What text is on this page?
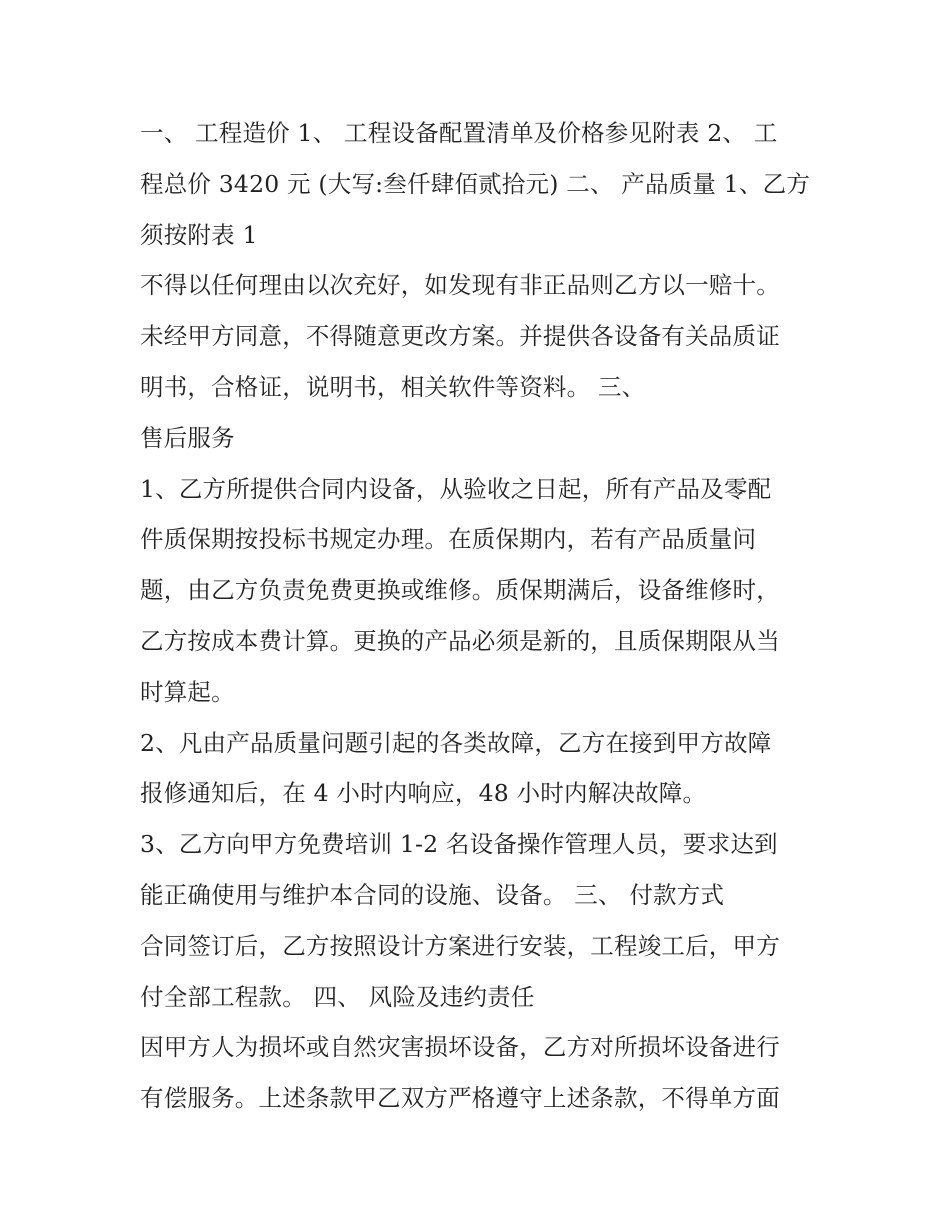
一、 工程造价 1、 工程设备配置清单及价格参见附表 2、 工
程总价 3420 元 (大写:叁仟肆佰贰拾元) 二、 产品质量 1、乙方
须按附表 1
不得以任何理由以次充好，如发现有非正品则乙方以一赔十。
未经甲方同意，不得随意更改方案。并提供各设备有关品质证
明书，合格证，说明书，相关软件等资料。 三、
售后服务
1、乙方所提供合同内设备，从验收之日起，所有产品及零配
件质保期按投标书规定办理。在质保期内，若有产品质量问
题，由乙方负责免费更换或维修。质保期满后，设备维修时，
乙方按成本费计算。更换的产品必须是新的，且质保期限从当
时算起。
2、凡由产品质量问题引起的各类故障，乙方在接到甲方故障
报修通知后，在 4 小时内响应，48 小时内解决故障。
3、乙方向甲方免费培训 1-2 名设备操作管理人员，要求达到
能正确使用与维护本合同的设施、设备。 三、 付款方式
合同签订后，乙方按照设计方案进行安装，工程竣工后，甲方
付全部工程款。 四、 风险及违约责任
因甲方人为损坏或自然灾害损坏设备，乙方对所损坏设备进行
有偿服务。上述条款甲乙双方严格遵守上述条款，不得单方面
